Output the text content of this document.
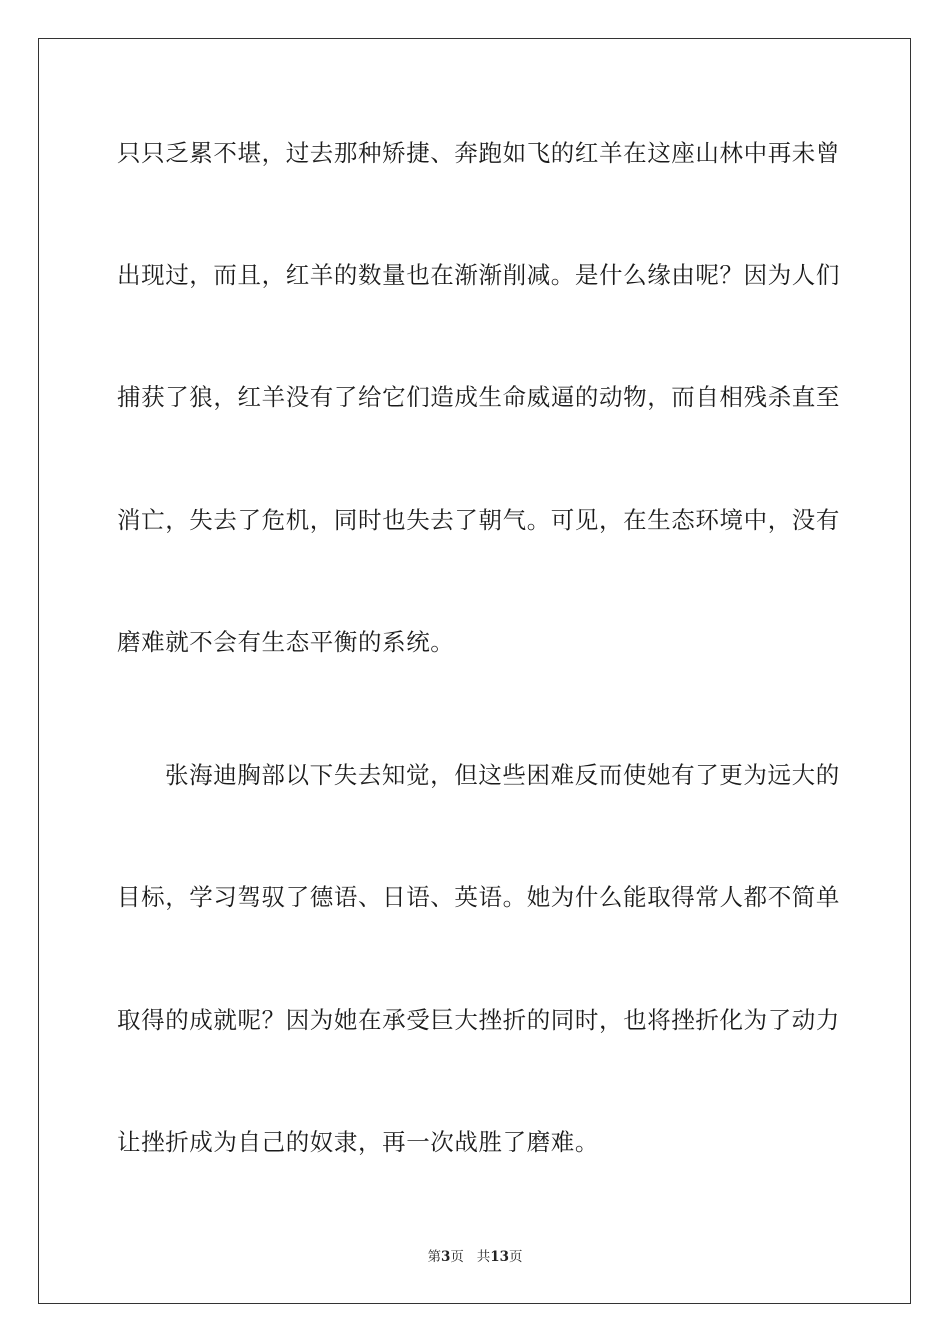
只只乏累不堪，过去那种矫捷、奔跑如飞的红羊在这座山林中再未曾
出现过，而且，红羊的数量也在渐渐削减。是什么缘由呢？因为人们
捕获了狼，红羊没有了给它们造成生命威逼的动物，而自相残杀直至
消亡，失去了危机，同时也失去了朝气。可见，在生态环境中，没有
磨难就不会有生态平衡的系统。
张海迪胸部以下失去知觉，但这些困难反而使她有了更为远大的
目标，学习驾驭了德语、日语、英语。她为什么能取得常人都不简单
取得的成就呢？因为她在承受巨大挫折的同时，也将挫折化为了动力
让挫折成为自己的奴隶，再一次战胜了磨难。
第3页 共13页
